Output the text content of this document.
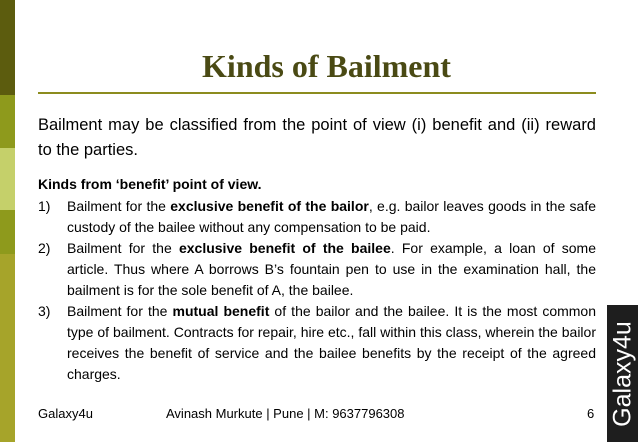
Kinds of Bailment
Bailment may be classified from the point of view (i) benefit and (ii) reward to the parties.
Kinds from ‘benefit’ point of view.
1) Bailment for the exclusive benefit of the bailor, e.g. bailor leaves goods in the safe custody of the bailee without any compensation to be paid.
2) Bailment for the exclusive benefit of the bailee. For example, a loan of some article. Thus where A borrows B’s fountain pen to use in the examination hall, the bailment is for the sole benefit of A, the bailee.
3) Bailment for the mutual benefit of the bailor and the bailee. It is the most common type of bailment. Contracts for repair, hire etc., fall within this class, wherein the bailor receives the benefit of service and the bailee benefits by the receipt of the agreed charges.
Galaxy4u	Avinash Murkute | Pune | M: 9637796308	6 Galaxy4u
